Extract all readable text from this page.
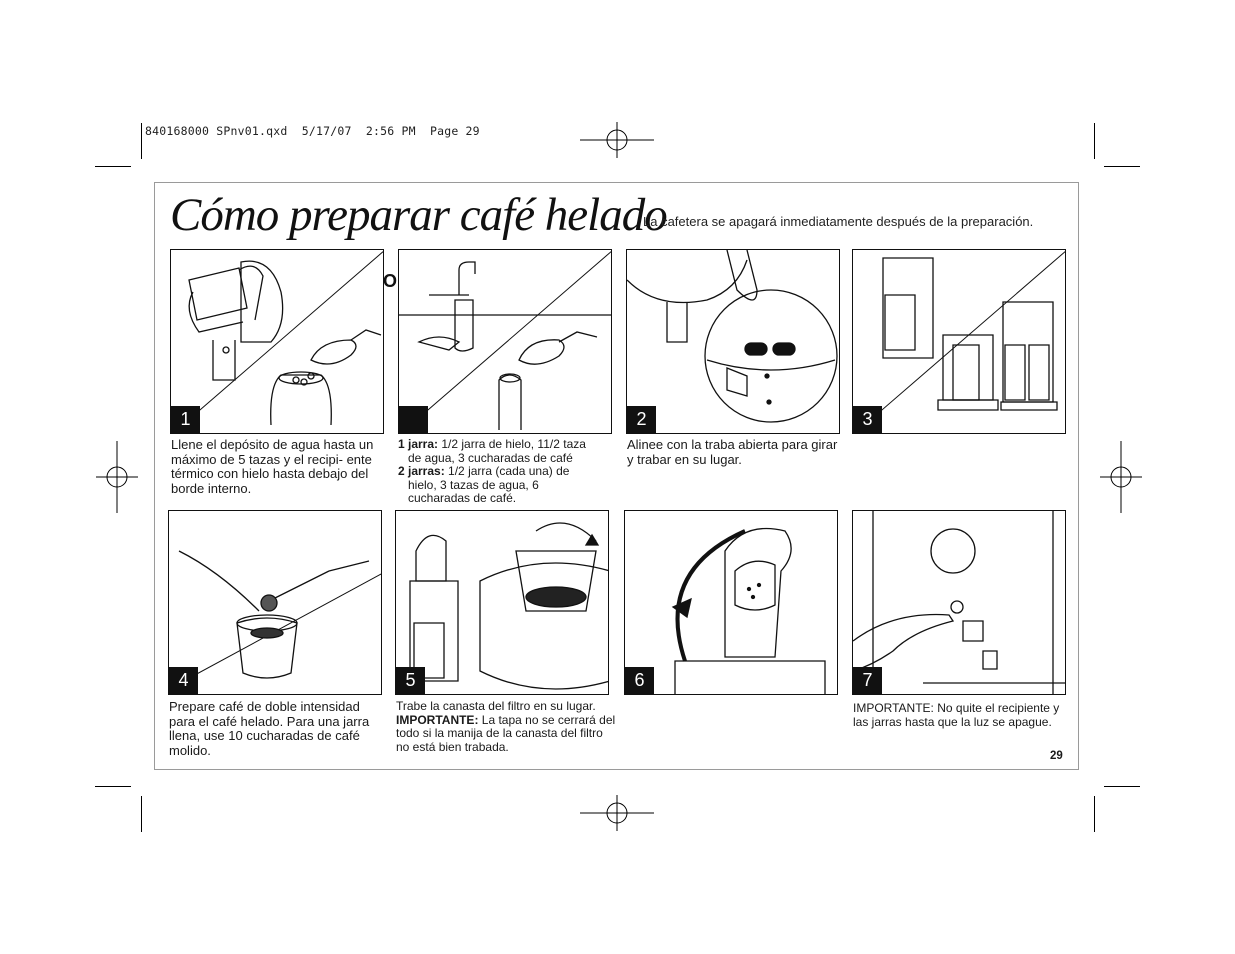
840168000 SPnv01.qxd  5/17/07  2:56 PM  Page 29
Cómo preparar café helado
La cafetera se apagará inmediatamente después de la preparación.
1
Llene el depósito de agua hasta un máximo de 5 tazas y el recipi- ente térmico con hielo hasta debajo del borde interno.
O
1 jarra: 1/2 jarra de hielo, 11/2 taza de agua, 3 cucharadas de café
2 jarras: 1/2 jarra (cada una) de hielo, 3 tazas de agua, 6 cucharadas de café.
2
Alinee con la traba abierta para girar y trabar en su lugar.
3
4
Prepare café de doble intensidad para el café helado. Para una jarra llena, use 10 cucharadas de café molido.
5
Trabe la canasta del filtro en su lugar.
IMPORTANTE: La tapa no se cerrará del todo si la manija de la canasta del filtro no está bien trabada.
6	7
IMPORTANTE: No quite el recipiente y las jarras hasta que la luz se apague.
29
